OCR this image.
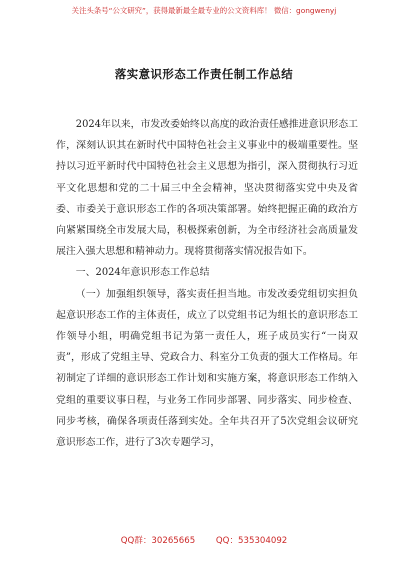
关注头条号“公文研究”，获得最新最全最专业的公文资料库！ 微信：gongwenyj
落实意识形态工作责任制工作总结

2024年以来，市发改委始终以高度的政治责任感推进意识形态工作，深刻认识其在新时代中国特色社会主义事业中的极端重要性。坚持以习近平新时代中国特色社会主义思想为指引，深入贯彻执行习近平文化思想和党的二十届三中全会精神，坚决贯彻落实党中央及省委、市委关于意识形态工作的各项决策部署。始终把握正确的政治方向紧紧围绕全市发展大局，积极探索创新，为全市经济社会高质量发展注入强大思想和精神动力。现将贯彻落实情况报告如下。

一、2024年意识形态工作总结

（一）加强组织领导，落实责任担当地。市发改委党组切实担负起意识形态工作的主体责任，成立了以党组书记为组长的意识形态工作领导小组，明确党组书记为第一责任人，班子成员实行“一岗双责”，形成了党组主导、党政合力、科室分工负责的强大工作格局。年初制定了详细的意识形态工作计划和实施方案，将意识形态工作纳入党组的重要议事日程，与业务工作同步部署、同步落实、同步检查、同步考核，确保各项责任落到实处。全年共召开了5次党组会议研究意识形态工作，进行了3次专题学习，

QQ群：30265665 QQ：535304092
